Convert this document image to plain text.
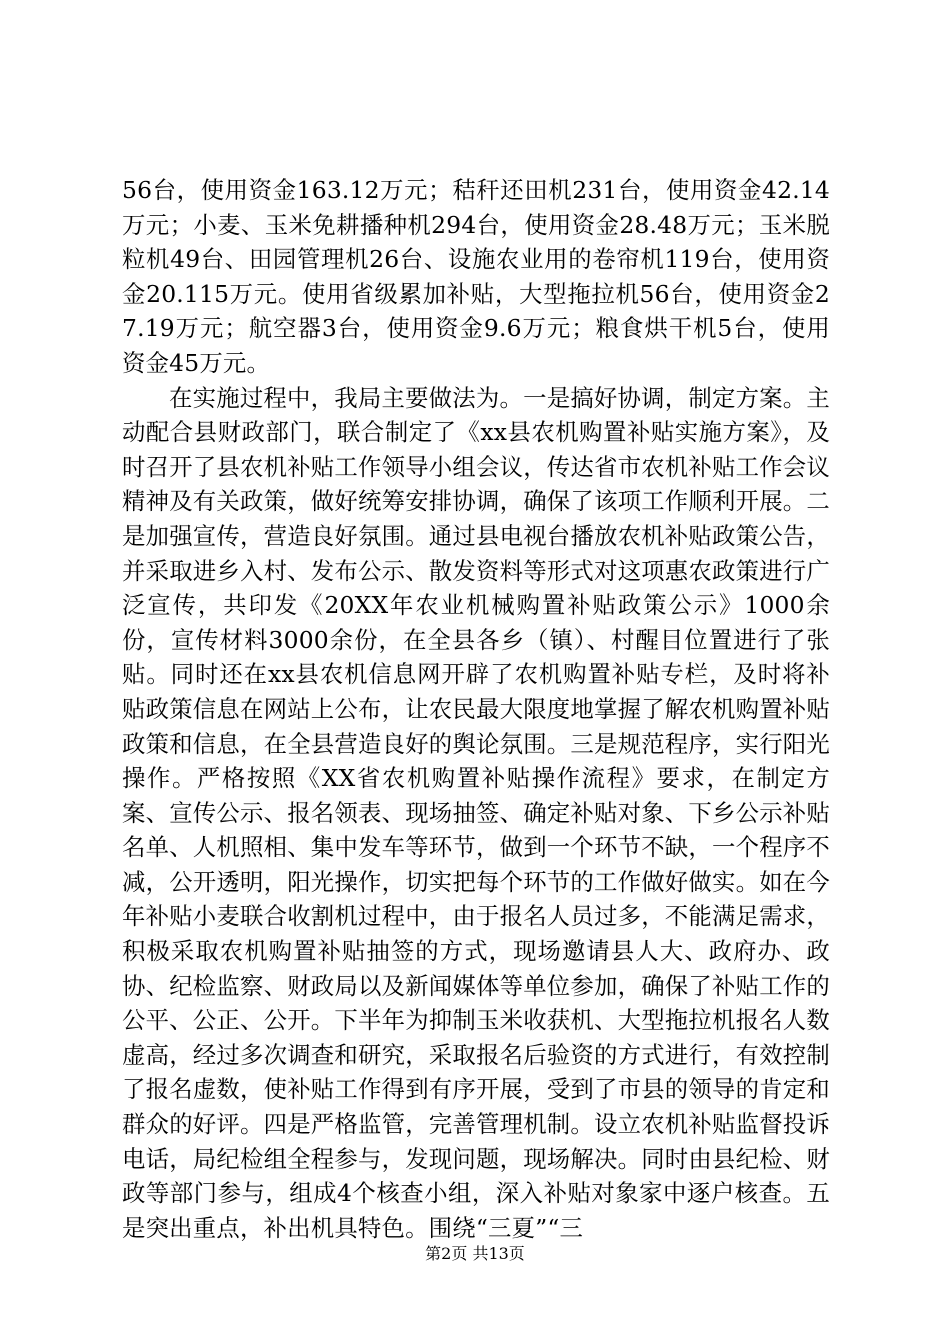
56台，使用资金163.12万元；秸秆还田机231台，使用资金42.14万元；小麦、玉米免耕播种机294台，使用资金28.48万元；玉米脱粒机49台、田园管理机26台、设施农业用的卷帘机119台，使用资金20.115万元。使用省级累加补贴，大型拖拉机56台，使用资金27.19万元；航空器3台，使用资金9.6万元；粮食烘干机5台，使用资金45万元。

在实施过程中，我局主要做法为。一是搞好协调，制定方案。主动配合县财政部门，联合制定了《xx县农机购置补贴实施方案》，及时召开了县农机补贴工作领导小组会议，传达省市农机补贴工作会议精神及有关政策，做好统筹安排协调，确保了该项工作顺利开展。二是加强宣传，营造良好氛围。通过县电视台播放农机补贴政策公告，并采取进乡入村、发布公示、散发资料等形式对这项惠农政策进行广泛宣传，共印发《20XX年农业机械购置补贴政策公示》1000余份，宣传材料3000余份，在全县各乡（镇）、村醒目位置进行了张贴。同时还在xx县农机信息网开辟了农机购置补贴专栏，及时将补贴政策信息在网站上公布，让农民最大限度地掌握了解农机购置补贴政策和信息，在全县营造良好的舆论氛围。三是规范程序，实行阳光操作。严格按照《XX省农机购置补贴操作流程》要求，在制定方案、宣传公示、报名领表、现场抽签、确定补贴对象、下乡公示补贴名单、人机照相、集中发车等环节，做到一个环节不缺，一个程序不减，公开透明，阳光操作，切实把每个环节的工作做好做实。如在今年补贴小麦联合收割机过程中，由于报名人员过多，不能满足需求，积极采取农机购置补贴抽签的方式，现场邀请县人大、政府办、政协、纪检监察、财政局以及新闻媒体等单位参加，确保了补贴工作的公平、公正、公开。下半年为抑制玉米收获机、大型拖拉机报名人数虚高，经过多次调查和研究，采取报名后验资的方式进行，有效控制了报名虚数，使补贴工作得到有序开展，受到了市县的领导的肯定和群众的好评。四是严格监管，完善管理机制。设立农机补贴监督投诉电话，局纪检组全程参与，发现问题，现场解决。同时由县纪检、财政等部门参与，组成4个核查小组，深入补贴对象家中逐户核查。五是突出重点，补出机具特色。围绕“三夏”“三

第2页 共13页
